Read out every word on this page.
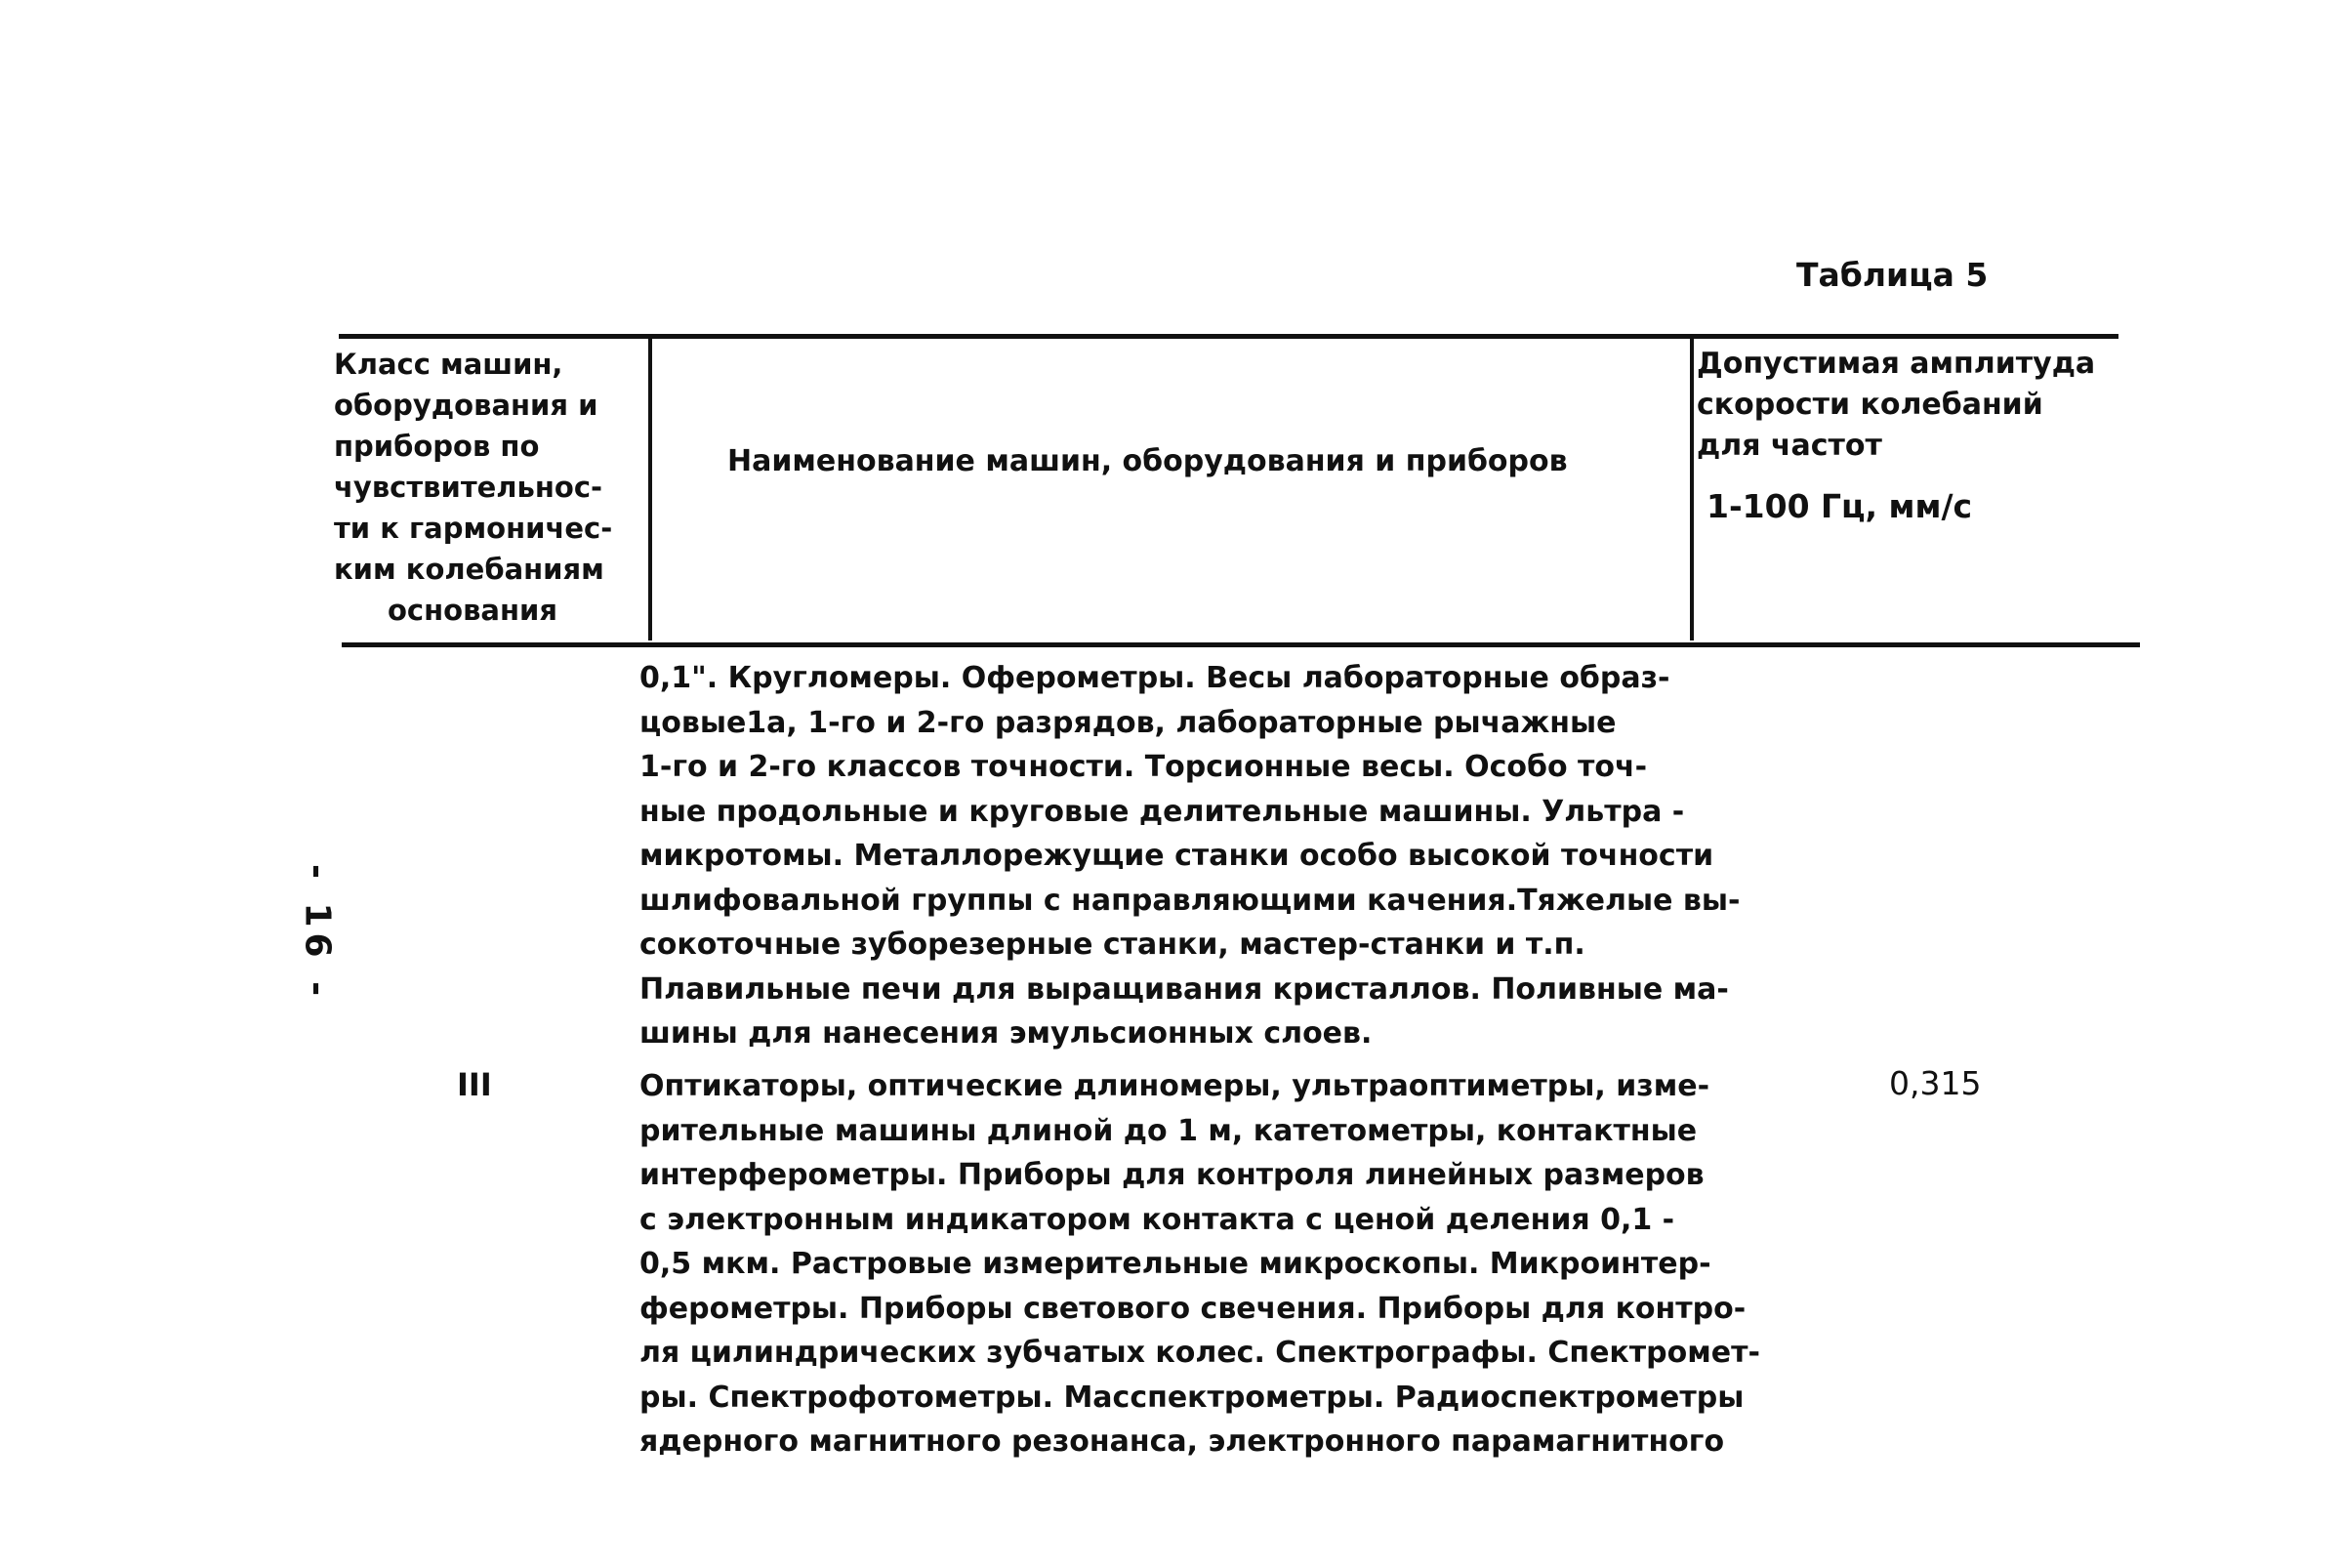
Таблица 5
- 16 -
Класс машин,
оборудования и
приборов по
чувствительнос-
ти к гармоничес-
ким колебаниям
основания
Наименование машин, оборудования и приборов
Допустимая амплитуда
скорости колебаний
для частот
1-100 Гц, мм/с
0,1". Кругломеры. Оферометры. Весы лабораторные образ-
цовые1а, 1-го и 2-го разрядов, лабораторные рычажные
1-го и 2-го классов точности. Торсионные весы. Особо точ-
ные продольные и круговые делительные машины. Ультра -
микротомы. Металлорежущие станки особо высокой точности
шлифовальной группы с направляющими качения.Тяжелые вы-
сокоточные зуборезерные станки, мастер-станки и т.п.
Плавильные печи для выращивания кристаллов. Поливные ма-
шины для нанесения эмульсионных слоев.
III	0,315
Оптикаторы, оптические длиномеры, ультраоптиметры, изме-
рительные машины длиной до 1 м, катетометры, контактные
интерферометры. Приборы для контроля линейных размеров
с электронным индикатором контакта с ценой деления 0,1 -
0,5 мкм. Растровые измерительные микроскопы. Микроинтер-
ферометры. Приборы светового свечения. Приборы для контро-
ля цилиндрических зубчатых колес. Спектрографы. Спектромет-
ры. Спектрофотометры. Масспектрометры. Радиоспектрометры
ядерного магнитного резонанса, электронного парамагнитного
